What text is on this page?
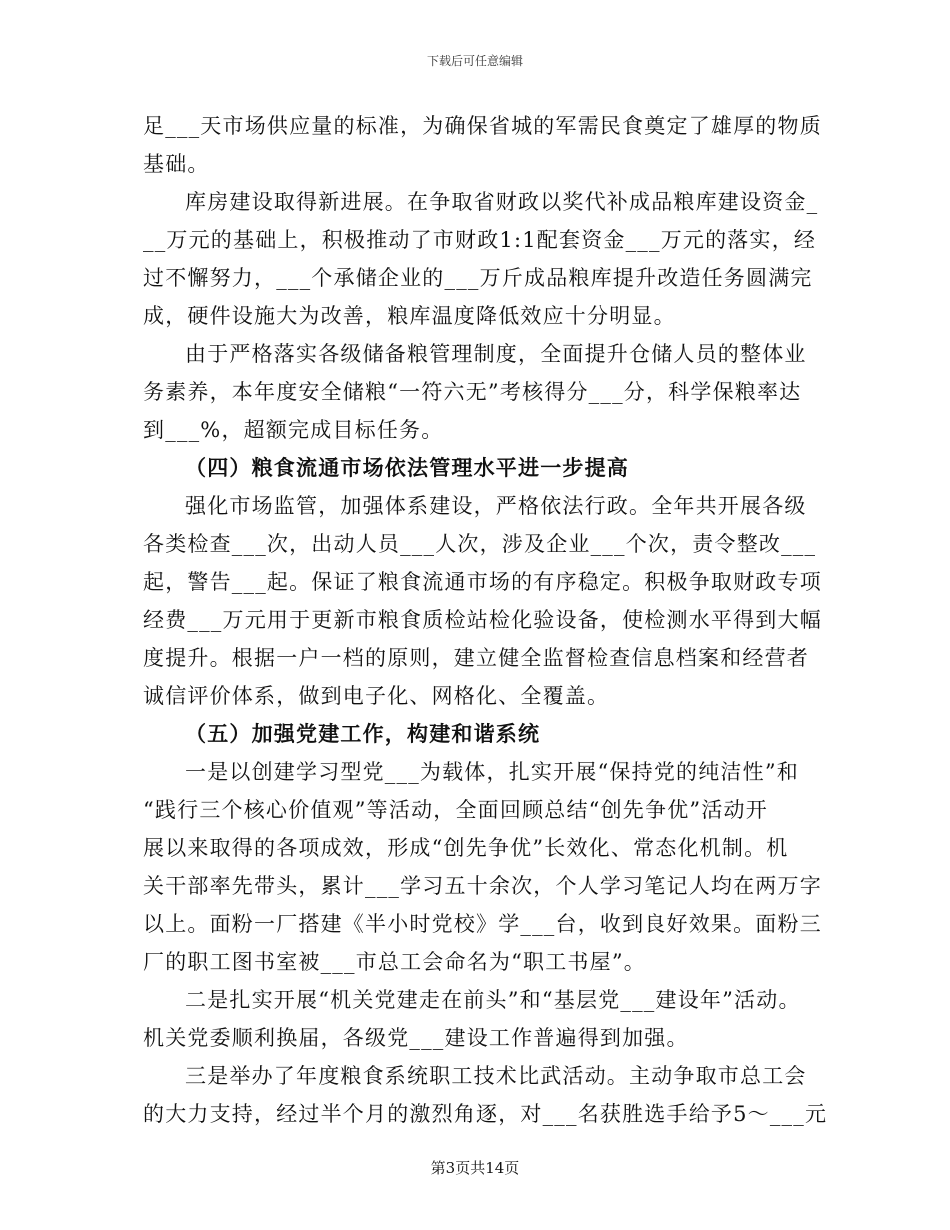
下载后可任意编辑
足___天市场供应量的标准，为确保省城的军需民食奠定了雄厚的物质
基础。
库房建设取得新进展。在争取省财政以奖代补成品粮库建设资金_
__万元的基础上，积极推动了市财政1:1配套资金___万元的落实，经
过不懈努力，___个承储企业的___万斤成品粮库提升改造任务圆满完
成，硬件设施大为改善，粮库温度降低效应十分明显。
由于严格落实各级储备粮管理制度，全面提升仓储人员的整体业
务素养，本年度安全储粮“一符六无”考核得分___分，科学保粮率达
到___%，超额完成目标任务。
（四）粮食流通市场依法管理水平进一步提高
强化市场监管，加强体系建设，严格依法行政。全年共开展各级
各类检查___次，出动人员___人次，涉及企业___个次，责令整改___
起，警告___起。保证了粮食流通市场的有序稳定。积极争取财政专项
经费___万元用于更新市粮食质检站检化验设备，使检测水平得到大幅
度提升。根据一户一档的原则，建立健全监督检查信息档案和经营者
诚信评价体系，做到电子化、网格化、全覆盖。
（五）加强党建工作，构建和谐系统
一是以创建学习型党___为载体，扎实开展“保持党的纯洁性”和
“践行三个核心价值观”等活动，全面回顾总结“创先争优”活动开
展以来取得的各项成效，形成“创先争优”长效化、常态化机制。机
关干部率先带头，累计___学习五十余次，个人学习笔记人均在两万字
以上。面粉一厂搭建《半小时党校》学___台，收到良好效果。面粉三
厂的职工图书室被___市总工会命名为“职工书屋”。
二是扎实开展“机关党建走在前头”和“基层党___建设年”活动。
机关党委顺利换届，各级党___建设工作普遍得到加强。
三是举办了年度粮食系统职工技术比武活动。主动争取市总工会
的大力支持，经过半个月的激烈角逐，对___名获胜选手给予5～___元
第3页共14页
